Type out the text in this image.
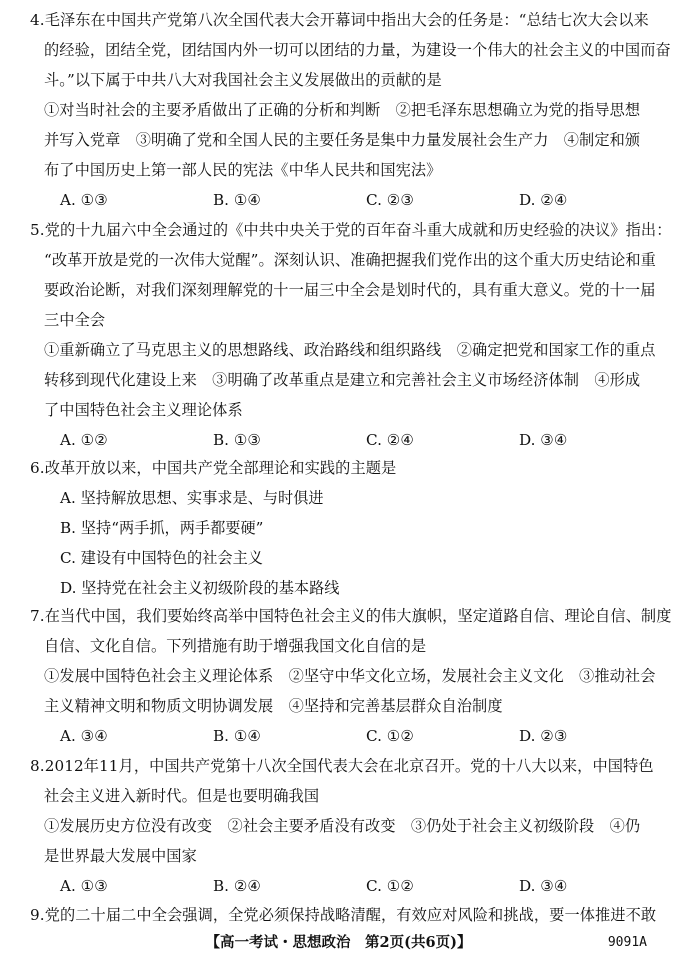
4.毛泽东在中国共产党第八次全国代表大会开幕词中指出大会的任务是：“总结七次大会以来
的经验，团结全党，团结国内外一切可以团结的力量，为建设一个伟大的社会主义的中国而奋
斗。”以下属于中共八大对我国社会主义发展做出的贡献的是
①对当时社会的主要矛盾做出了正确的分析和判断　②把毛泽东思想确立为党的指导思想
并写入党章　③明确了党和全国人民的主要任务是集中力量发展社会生产力　④制定和颁
布了中国历史上第一部人民的宪法《中华人民共和国宪法》
A. ①③	B. ①④	C. ②③	D. ②④
5.党的十九届六中全会通过的《中共中央关于党的百年奋斗重大成就和历史经验的决议》指出：
“改革开放是党的一次伟大觉醒”。深刻认识、准确把握我们党作出的这个重大历史结论和重
要政治论断，对我们深刻理解党的十一届三中全会是划时代的，具有重大意义。党的十一届
三中全会
①重新确立了马克思主义的思想路线、政治路线和组织路线　②确定把党和国家工作的重点
转移到现代化建设上来　③明确了改革重点是建立和完善社会主义市场经济体制　④形成
了中国特色社会主义理论体系
A. ①②	B. ①③	C. ②④	D. ③④
6.改革开放以来，中国共产党全部理论和实践的主题是
A. 坚持解放思想、实事求是、与时俱进
B. 坚持“两手抓，两手都要硬”
C. 建设有中国特色的社会主义
D. 坚持党在社会主义初级阶段的基本路线
7.在当代中国，我们要始终高举中国特色社会主义的伟大旗帜，坚定道路自信、理论自信、制度
自信、文化自信。下列措施有助于增强我国文化自信的是
①发展中国特色社会主义理论体系　②坚守中华文化立场，发展社会主义文化　③推动社会
主义精神文明和物质文明协调发展　④坚持和完善基层群众自治制度
A. ③④	B. ①④	C. ①②	D. ②③
8.2012年11月，中国共产党第十八次全国代表大会在北京召开。党的十八大以来，中国特色
社会主义进入新时代。但是也要明确我国
①发展历史方位没有改变　②社会主要矛盾没有改变　③仍处于社会主义初级阶段　④仍
是世界最大发展中国家
A. ①③	B. ②④	C. ①②	D. ③④
9.党的二十届二中全会强调，全党必须保持战略清醒，有效应对风险和挑战，要一体推进不敢
【高一考试・思想政治　第2页(共6页)】	9091A
